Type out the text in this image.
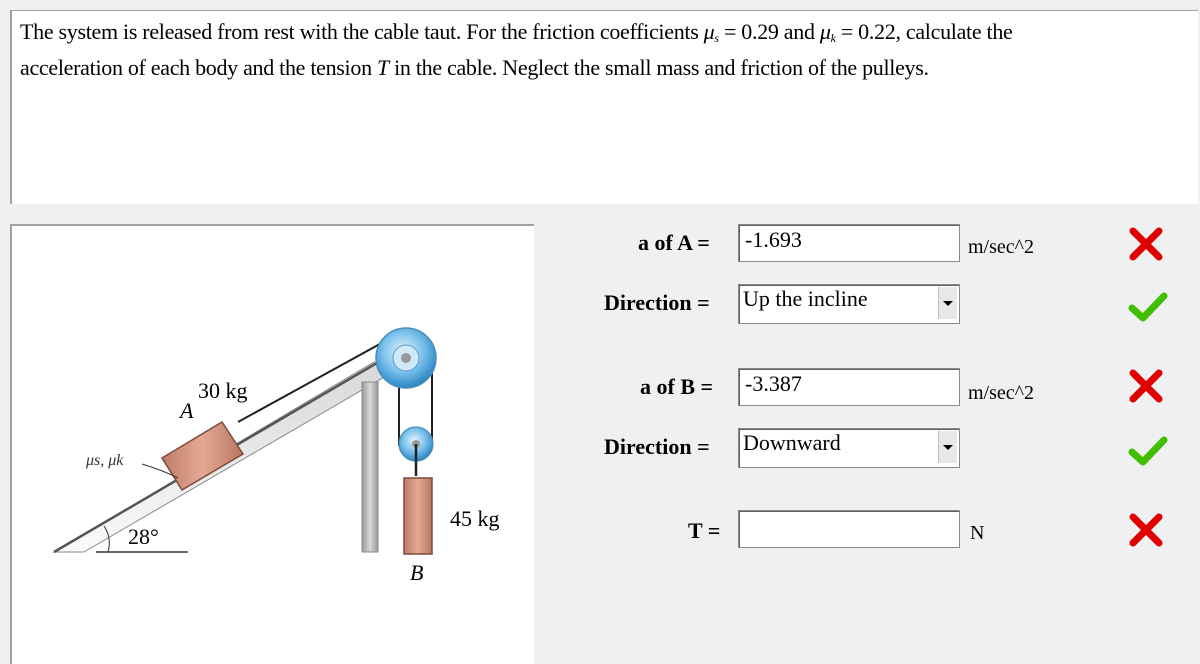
The system is released from rest with the cable taut. For the friction coefficients $\mu_s = 0.29$ and $\mu_k = 0.22$, calculate the
acceleration of each body and the tension T in the cable. Neglect the small mass and friction of the pulleys.
30 kg
A
45 kg
B
28°
μs, μk
a of A =	-1.693	m/sec^2
Direction = Up the incline
a of B =	-3.387	m/sec^2
Direction = Downward
T =	N
